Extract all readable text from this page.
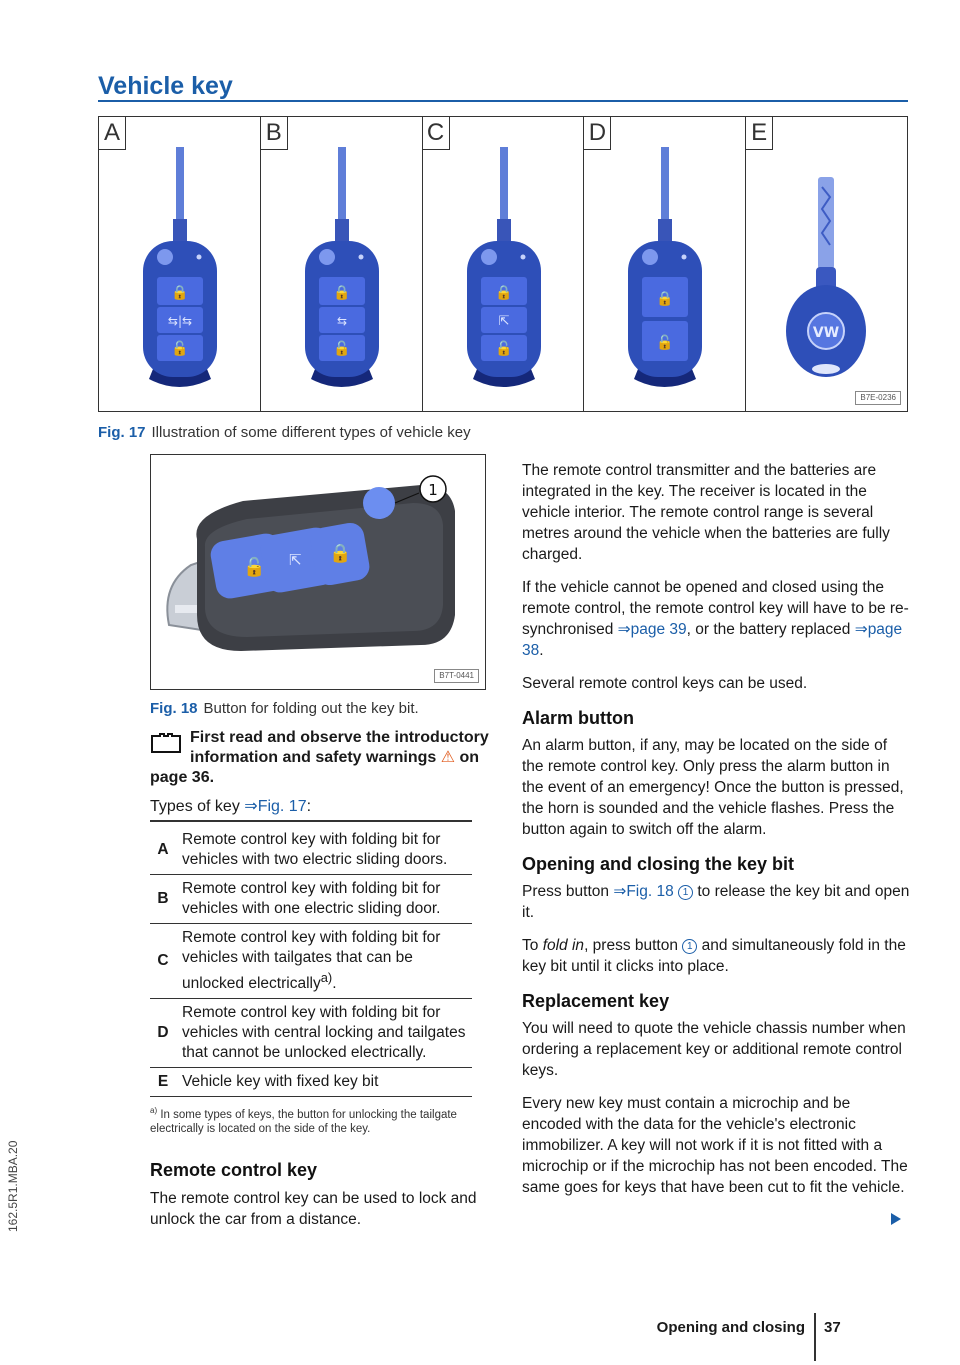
Vehicle key
🔒
⇆|⇆
🔓
A
🔒
⇆
🔓
B
🔒
⇱
🔓
C
🔒
🔓
D
VW
E
B7E-0236
Fig. 17 Illustration of some different types of vehicle key
🔓 ⇱ 🔒
1
B7T-0441
Fig. 18 Button for folding out the key bit.
First read and observe the introductory
information and safety warnings ⚠ on
page 36.
Types of key ⇒Fig. 17:
A	Remote control key with folding bit for vehicles with two electric sliding doors.
B	Remote control key with folding bit for vehicles with one electric sliding door.
C	Remote control key with folding bit for vehicles with tailgates that can be unlocked electrically$^{a)}$.
D	Remote control key with folding bit for vehicles with central locking and tailgates that cannot be unlocked electrically.
E	Vehicle key with fixed key bit
$^{a)}$ In some types of keys, the button for unlocking the tailgate electrically is located on the side of the key.
Remote control key
The remote control key can be used to lock and unlock the car from a distance.

The remote control transmitter and the batteries are integrated in the key. The receiver is located in the vehicle interior. The remote control range is several metres around the vehicle when the batteries are fully charged.

If the vehicle cannot be opened and closed using the remote control, the remote control key will have to be re-synchronised ⇒page 39, or the battery replaced ⇒page 38.

Several remote control keys can be used.

Alarm button

An alarm button, if any, may be located on the side of the remote control key. Only press the alarm button in the event of an emergency! Once the button is pressed, the horn is sounded and the vehicle flashes. Press the button again to switch off the alarm.

Opening and closing the key bit

Press button ⇒Fig. 18 1 to release the key bit and open it.

To fold in, press button 1 and simultaneously fold in the key bit until it clicks into place.

Replacement key

You will need to quote the vehicle chassis number when ordering a replacement key or additional remote control keys.

Every new key must contain a microchip and be encoded with the data for the vehicle's electronic immobilizer. A key will not work if it is not fitted with a microchip or if the microchip has not been encoded. The same goes for keys that have been cut to fit the vehicle.

Opening and closing 37
162.5R1.MBA.20
